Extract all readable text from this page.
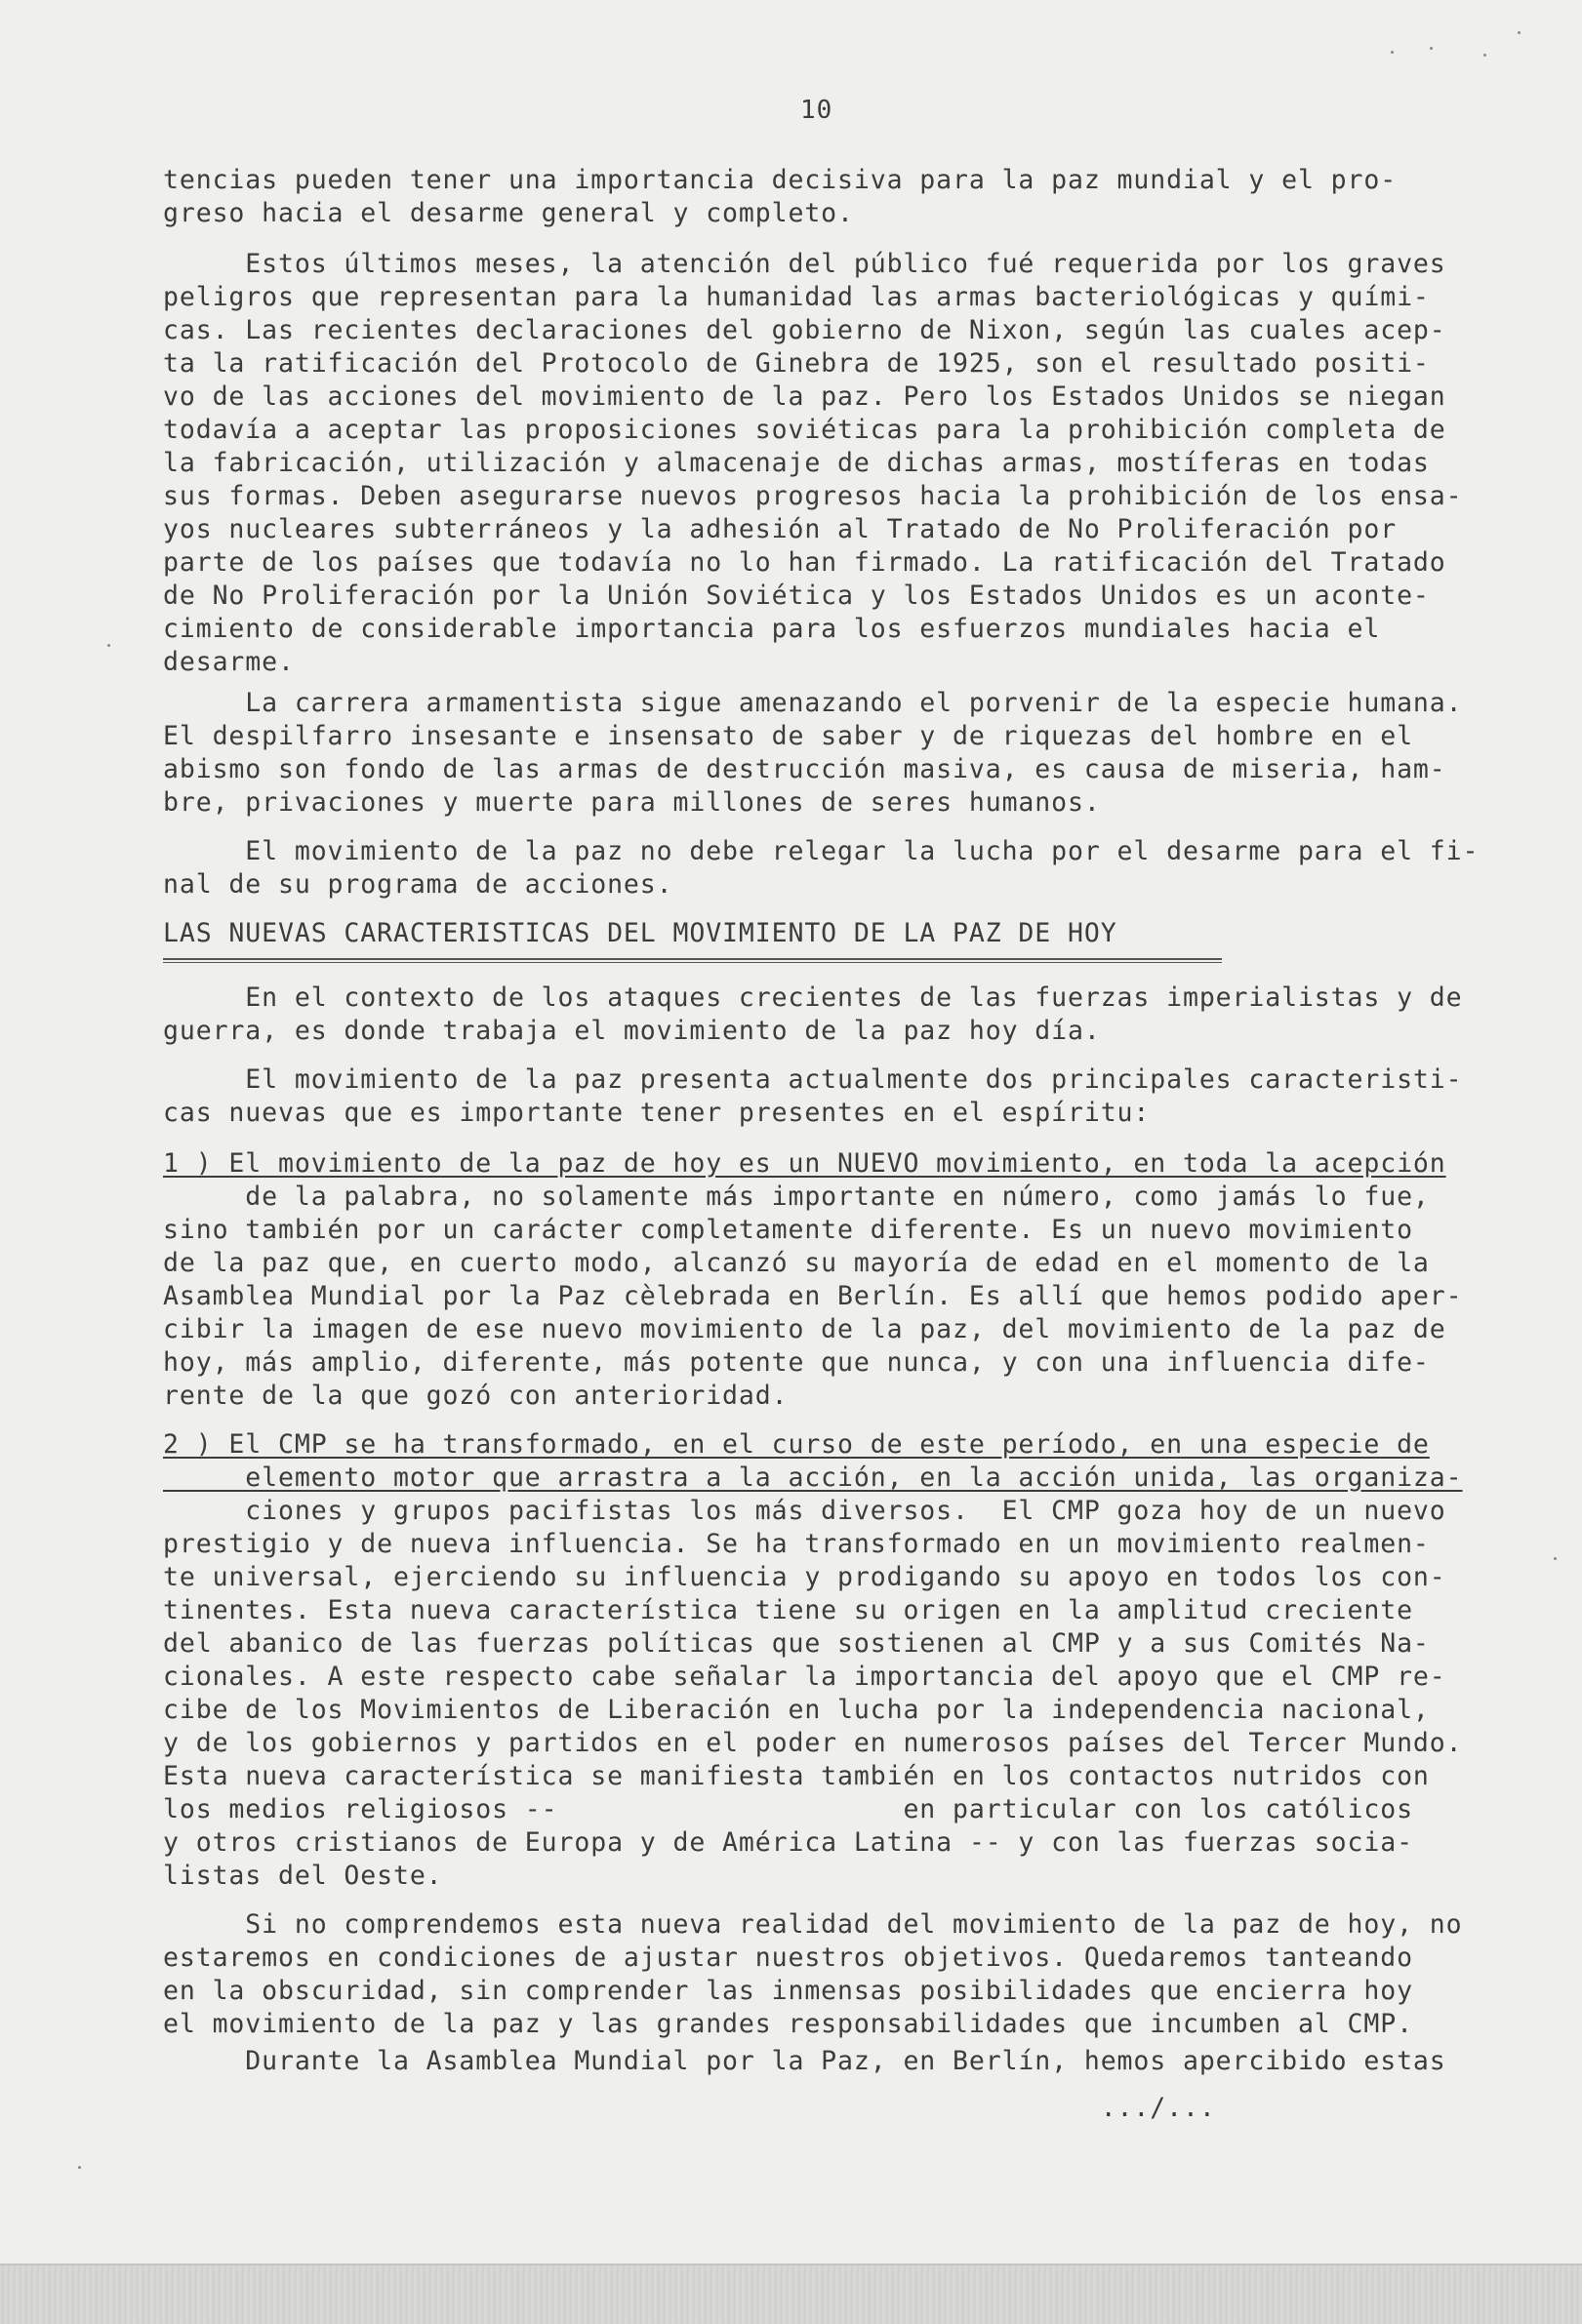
10
tencias pueden tener una importancia decisiva para la paz mundial y el pro-
greso hacia el desarme general y completo.
Estos últimos meses, la atención del público fué requerida por los graves
peligros que representan para la humanidad las armas bacteriológicas y quími-
cas. Las recientes declaraciones del gobierno de Nixon, según las cuales acep-
ta la ratificación del Protocolo de Ginebra de 1925, son el resultado positi-
vo de las acciones del movimiento de la paz. Pero los Estados Unidos se niegan
todavía a aceptar las proposiciones soviéticas para la prohibición completa de
la fabricación, utilización y almacenaje de dichas armas, mostíferas en todas
sus formas. Deben asegurarse nuevos progresos hacia la prohibición de los ensa-
yos nucleares subterráneos y la adhesión al Tratado de No Proliferación por
parte de los países que todavía no lo han firmado. La ratificación del Tratado
de No Proliferación por la Unión Soviética y los Estados Unidos es un aconte-
cimiento de considerable importancia para los esfuerzos mundiales hacia el
desarme.
La carrera armamentista sigue amenazando el porvenir de la especie humana.
El despilfarro insesante e insensato de saber y de riquezas del hombre en el
abismo son fondo de las armas de destrucción masiva, es causa de miseria, ham-
bre, privaciones y muerte para millones de seres humanos.
El movimiento de la paz no debe relegar la lucha por el desarme para el fi-
nal de su programa de acciones.
LAS NUEVAS CARACTERISTICAS DEL MOVIMIENTO DE LA PAZ DE HOY
En el contexto de los ataques crecientes de las fuerzas imperialistas y de
guerra, es donde trabaja el movimiento de la paz hoy día.
El movimiento de la paz presenta actualmente dos principales caracteristi-
cas nuevas que es importante tener presentes en el espíritu:
1 ) El movimiento de la paz de hoy es un NUEVO movimiento, en toda la acepción
de la palabra, no solamente más importante en número, como jamás lo fue,
sino también por un carácter completamente diferente. Es un nuevo movimiento
de la paz que, en cuerto modo, alcanzó su mayoría de edad en el momento de la
Asamblea Mundial por la Paz cèlebrada en Berlín. Es allí que hemos podido aper-
cibir la imagen de ese nuevo movimiento de la paz, del movimiento de la paz de
hoy, más amplio, diferente, más potente que nunca, y con una influencia dife-
rente de la que gozó con anterioridad.
2 ) El CMP se ha transformado, en el curso de este período, en una especie de
elemento motor que arrastra a la acción, en la acción unida, las organiza-
ciones y grupos pacifistas los más diversos.  El CMP goza hoy de un nuevo
prestigio y de nueva influencia. Se ha transformado en un movimiento realmen-
te universal, ejerciendo su influencia y prodigando su apoyo en todos los con-
tinentes. Esta nueva característica tiene su origen en la amplitud creciente
del abanico de las fuerzas políticas que sostienen al CMP y a sus Comités Na-
cionales. A este respecto cabe señalar la importancia del apoyo que el CMP re-
cibe de los Movimientos de Liberación en lucha por la independencia nacional,
y de los gobiernos y partidos en el poder en numerosos países del Tercer Mundo.
Esta nueva característica se manifiesta también en los contactos nutridos con
los medios religiosos --                     en particular con los católicos
y otros cristianos de Europa y de América Latina -- y con las fuerzas socia-
listas del Oeste.
Si no comprendemos esta nueva realidad del movimiento de la paz de hoy, no
estaremos en condiciones de ajustar nuestros objetivos. Quedaremos tanteando
en la obscuridad, sin comprender las inmensas posibilidades que encierra hoy
el movimiento de la paz y las grandes responsabilidades que incumben al CMP.
Durante la Asamblea Mundial por la Paz, en Berlín, hemos apercibido estas
.../...
